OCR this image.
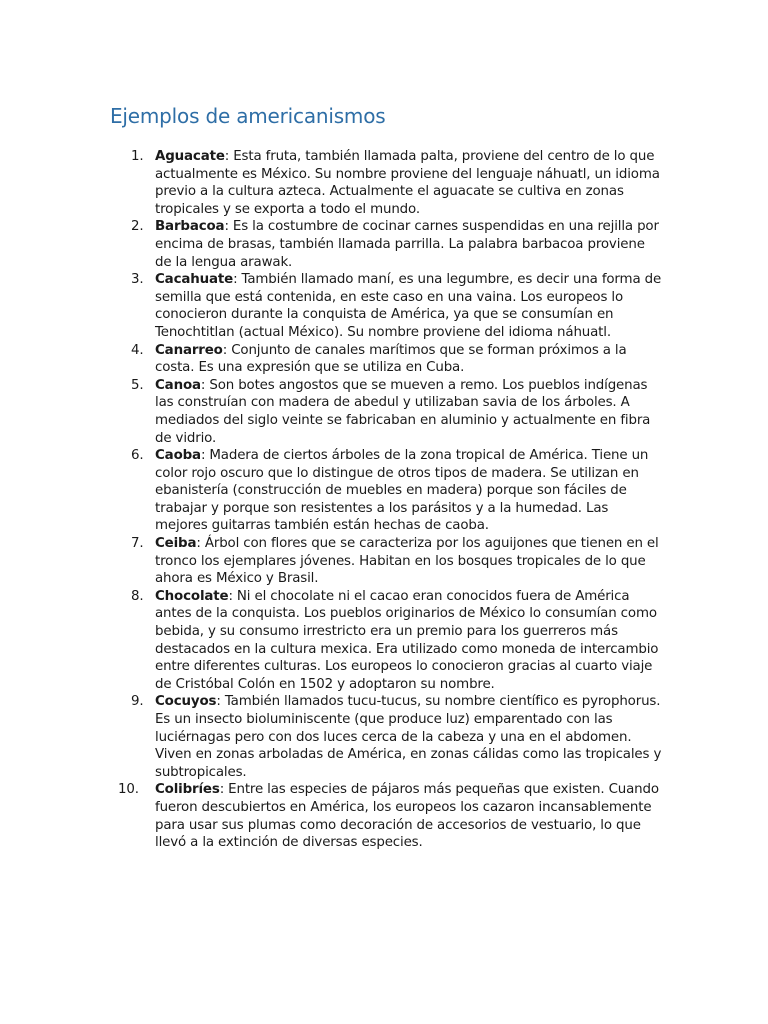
Ejemplos de americanismos
1. Aguacate: Esta fruta, también llamada palta, proviene del centro de lo que actualmente es México. Su nombre proviene del lenguaje náhuatl, un idioma previo a la cultura azteca. Actualmente el aguacate se cultiva en zonas tropicales y se exporta a todo el mundo.
2. Barbacoa: Es la costumbre de cocinar carnes suspendidas en una rejilla por encima de brasas, también llamada parrilla. La palabra barbacoa proviene de la lengua arawak.
3. Cacahuate: También llamado maní, es una legumbre, es decir una forma de semilla que está contenida, en este caso en una vaina. Los europeos lo conocieron durante la conquista de América, ya que se consumían en Tenochtitlan (actual México). Su nombre proviene del idioma náhuatl.
4. Canarreo: Conjunto de canales marítimos que se forman próximos a la costa. Es una expresión que se utiliza en Cuba.
5. Canoa: Son botes angostos que se mueven a remo. Los pueblos indígenas las construían con madera de abedul y utilizaban savia de los árboles. A mediados del siglo veinte se fabricaban en aluminio y actualmente en fibra de vidrio.
6. Caoba: Madera de ciertos árboles de la zona tropical de América. Tiene un color rojo oscuro que lo distingue de otros tipos de madera. Se utilizan en ebanistería (construcción de muebles en madera) porque son fáciles de trabajar y porque son resistentes a los parásitos y a la humedad. Las mejores guitarras también están hechas de caoba.
7. Ceiba: Árbol con flores que se caracteriza por los aguijones que tienen en el tronco los ejemplares jóvenes. Habitan en los bosques tropicales de lo que ahora es México y Brasil.
8. Chocolate: Ni el chocolate ni el cacao eran conocidos fuera de América antes de la conquista. Los pueblos originarios de México lo consumían como bebida, y su consumo irrestricto era un premio para los guerreros más destacados en la cultura mexica. Era utilizado como moneda de intercambio entre diferentes culturas. Los europeos lo conocieron gracias al cuarto viaje de Cristóbal Colón en 1502 y adoptaron su nombre.
9. Cocuyos: También llamados tucu-tucus, su nombre científico es pyrophorus. Es un insecto bioluminiscente (que produce luz) emparentado con las luciérnagas pero con dos luces cerca de la cabeza y una en el abdomen. Viven en zonas arboladas de América, en zonas cálidas como las tropicales y subtropicales.
10.	Colibríes: Entre las especies de pájaros más pequeñas que existen. Cuando fueron descubiertos en América, los europeos los cazaron incansablemente para usar sus plumas como decoración de accesorios de vestuario, lo que llevó a la extinción de diversas especies.
